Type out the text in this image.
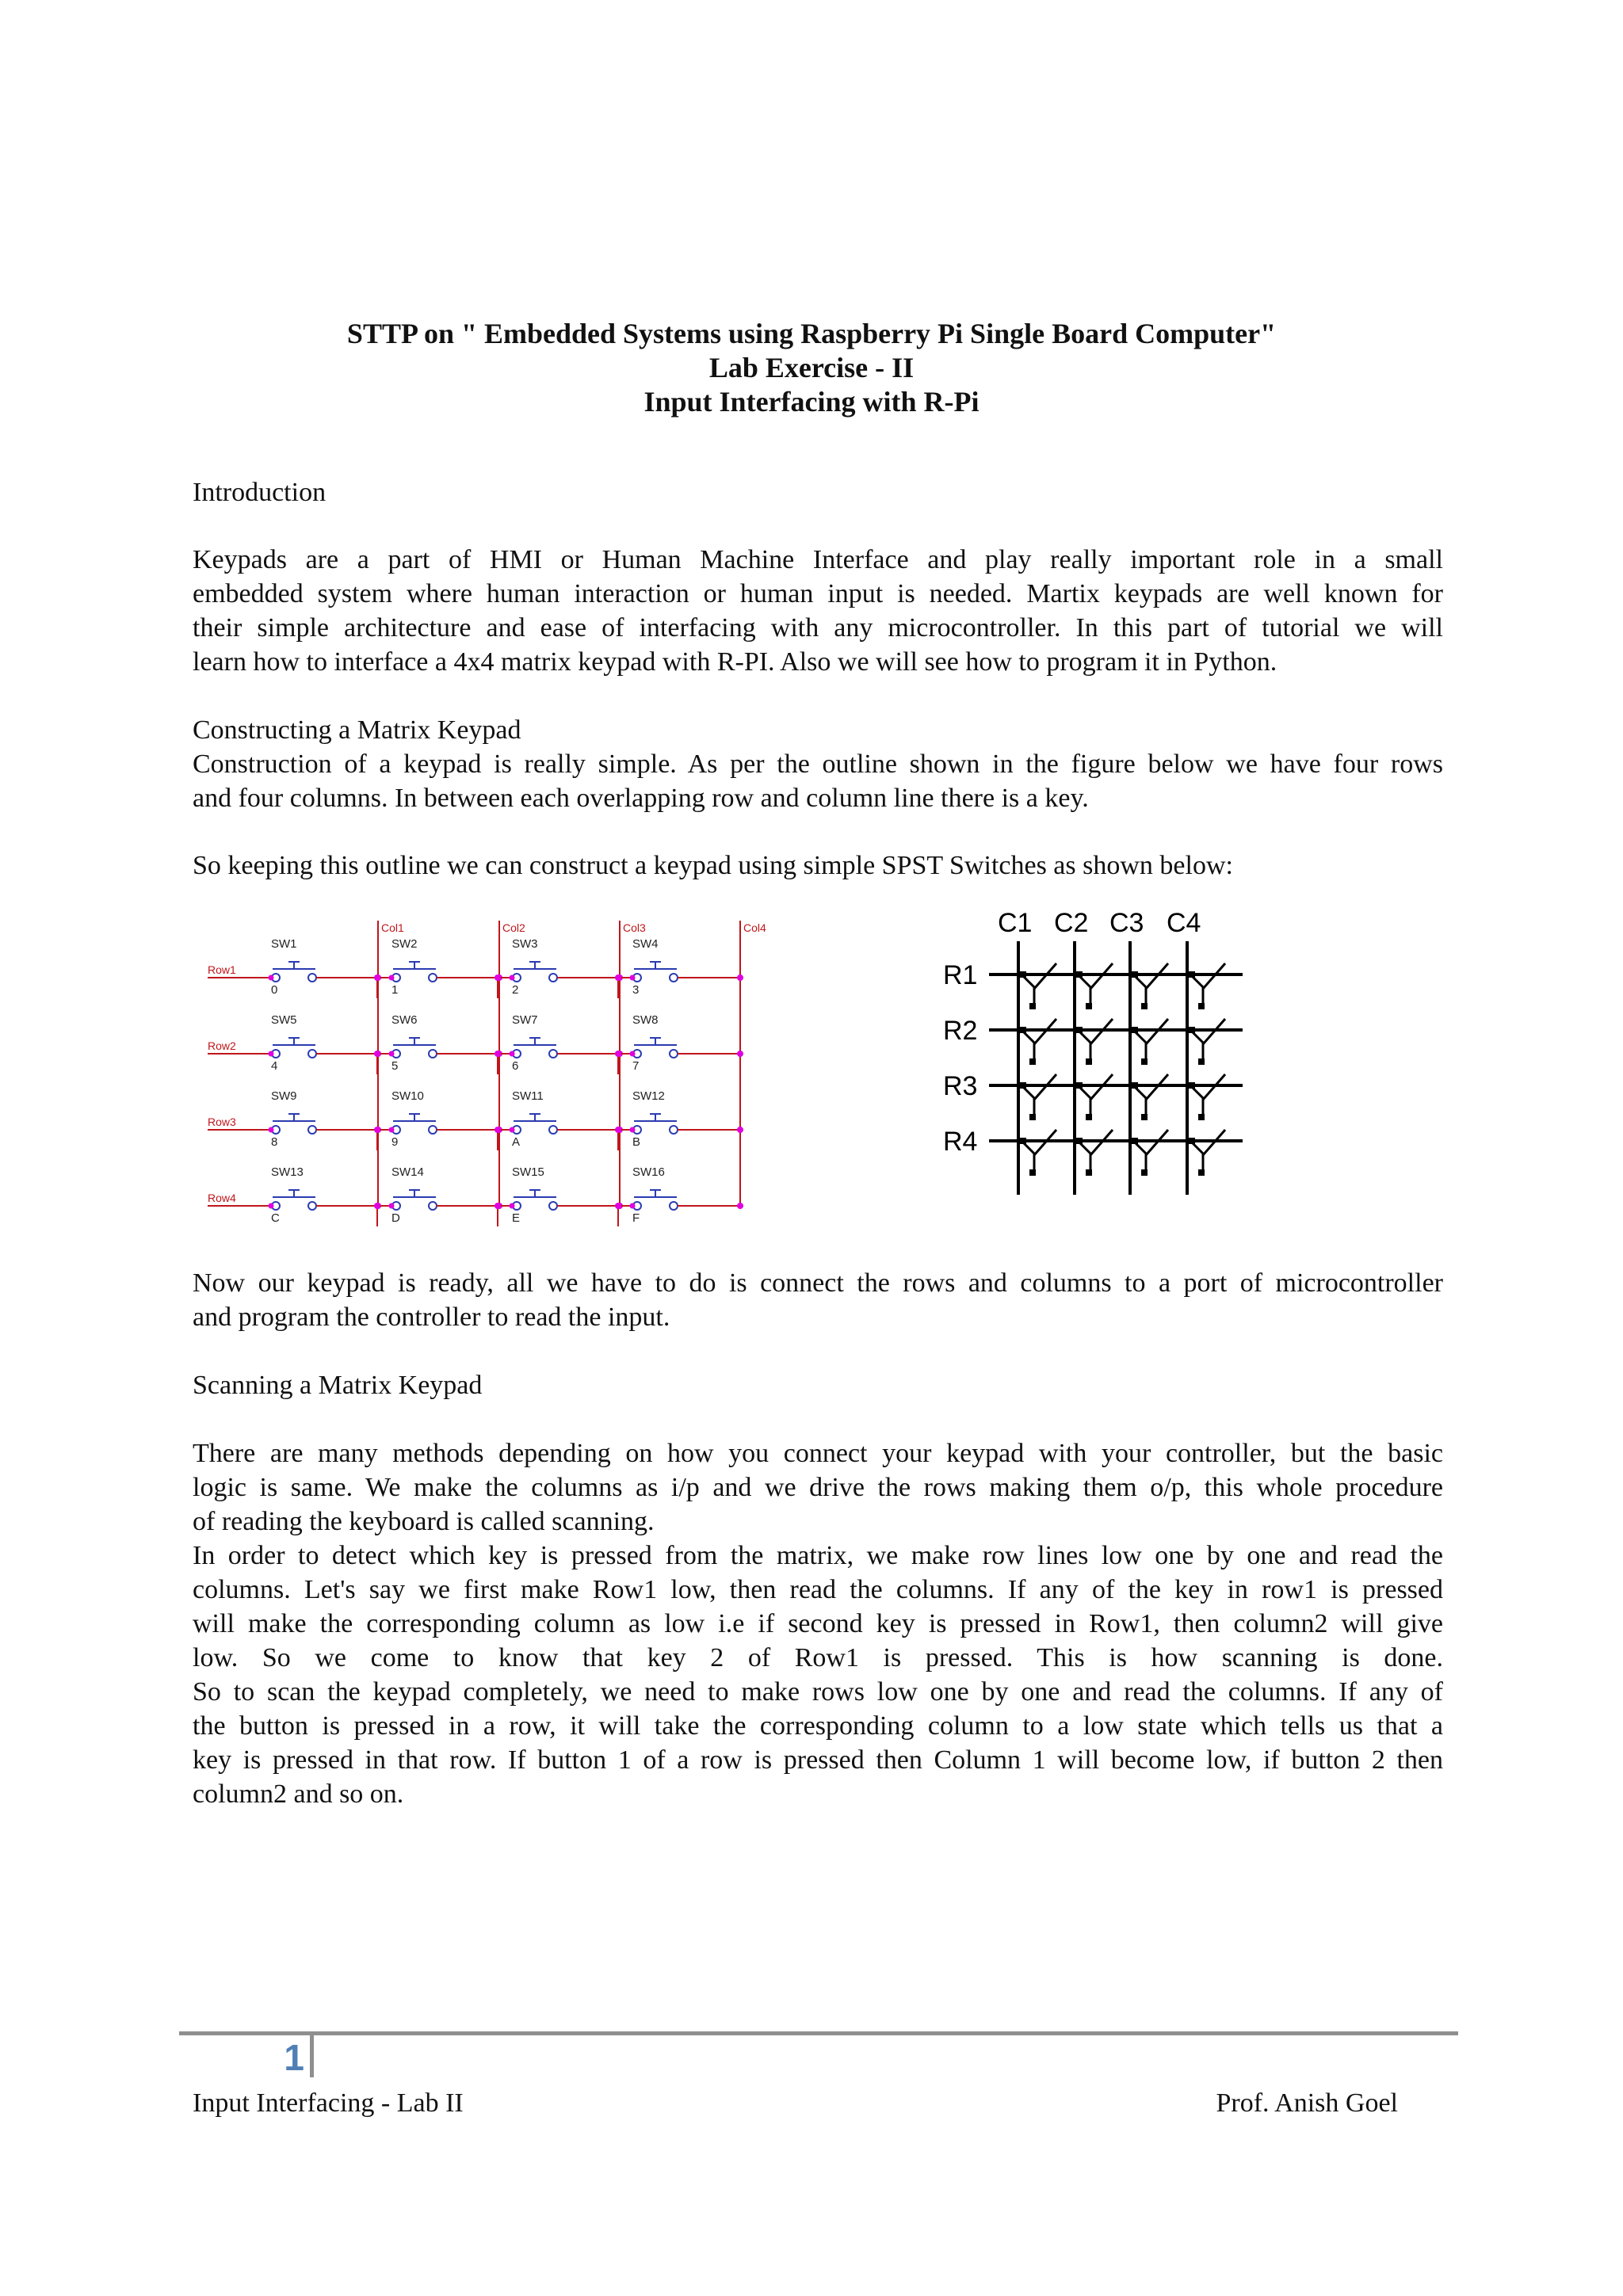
STTP on " Embedded Systems using Raspberry Pi Single Board Computer"
Lab Exercise - II
Input Interfacing with R-Pi
Introduction

Keypads are a part of HMI or Human Machine Interface and play really important role in a small

embedded system where human interaction or human input is needed. Martix keypads are well known for

their simple architecture and ease of interfacing with any microcontroller. In this part of tutorial we will

learn how to interface a 4x4 matrix keypad with R-PI. Also we will see how to program it in Python.

Constructing a Matrix Keypad

Construction of a keypad is really simple. As per the outline shown in the figure below we have four rows

and four columns. In between each overlapping row and column line there is a key.

So keeping this outline we can construct a keypad using simple SPST Switches as shown below:
Col1	Col2	Col3	Col4
Row1
SW1
0
SW2
1
SW3
2
SW4
3
Row2
SW5
4
SW6
5
SW7
6
SW8
7
Row3
SW9
8
SW10
9
SW11
A
SW12
B
Row4
SW13
C
SW14
D
SW15
E
SW16
F
C1 C2 C3 C4
R1
R2
R3
R4

Now our keypad is ready, all we have to do is connect the rows and columns to a port of microcontroller

and program the controller to read the input.

Scanning a Matrix Keypad

There are many methods depending on how you connect your keypad with your controller, but the basic

logic is same. We make the columns as i/p and we drive the rows making them o/p, this whole procedure

of reading the keyboard is called scanning.

In order to detect which key is pressed from the matrix, we make row lines low one by one and read the

columns. Let's say we first make Row1 low, then read the columns. If any of the key in row1 is pressed

will make the corresponding column as low i.e if second key is pressed in Row1, then column2 will give

low. So we come to know that key 2 of Row1 is pressed. This is how scanning is done.

So to scan the keypad completely, we need to make rows low one by one and read the columns. If any of

the button is pressed in a row, it will take the corresponding column to a low state which tells us that a

key is pressed in that row. If button 1 of a row is pressed then Column 1 will become low, if button 2 then

column2 and so on.

1
Input Interfacing - Lab II	Prof. Anish Goel
